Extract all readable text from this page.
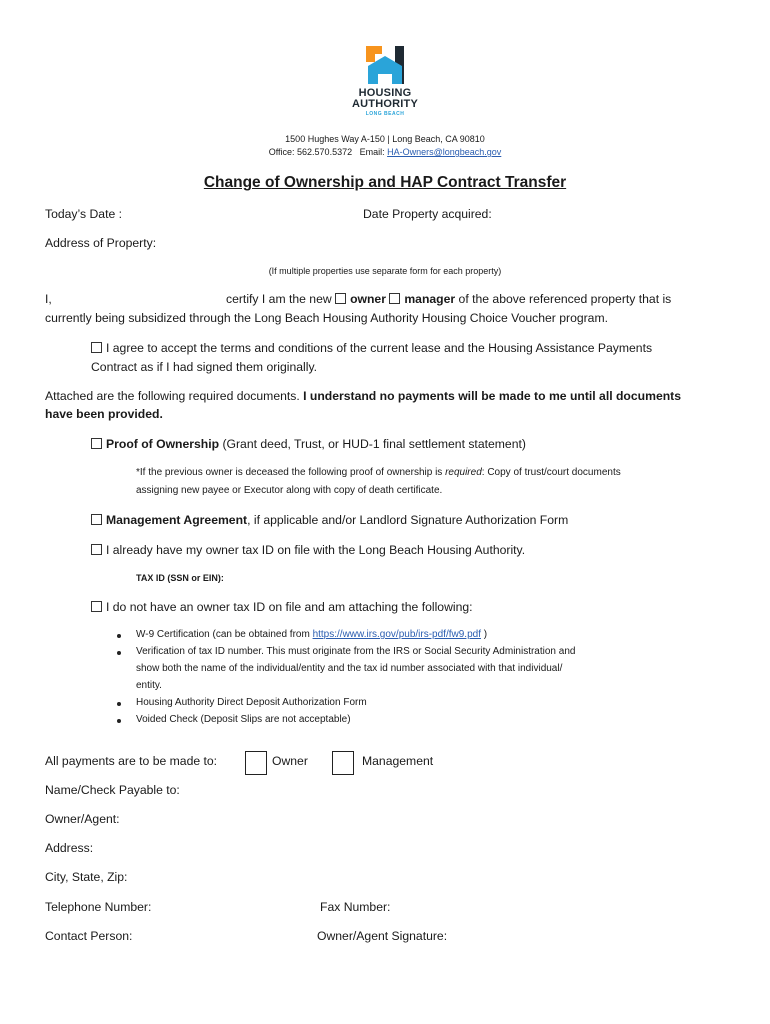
HOUSING
AUTHORITY
LONG BEACH
1500 Hughes Way A-150 | Long Beach, CA 90810
Office: 562.570.5372   Email: HA-Owners@longbeach.gov
Change of Ownership and HAP Contract Transfer
Today’s Date :	Date Property acquired:
Address of Property:
(If multiple properties use separate form for each property)
I,	certify I am the new owner manager of the above referenced property that is
currently being subsidized through the Long Beach Housing Authority Housing Choice Voucher program.
I agree to accept the terms and conditions of the current lease and the Housing Assistance Payments
Contract as if I had signed them originally.
Attached are the following required documents. I understand no payments will be made to me until all documents
have been provided.
Proof of Ownership (Grant deed, Trust, or HUD-1 final settlement statement)
*If the previous owner is deceased the following proof of ownership is required: Copy of trust/court documents
assigning new payee or Executor along with copy of death certificate.
Management Agreement, if applicable and/or Landlord Signature Authorization Form
I already have my owner tax ID on file with the Long Beach Housing Authority.
TAX ID (SSN or EIN):
I do not have an owner tax ID on file and am attaching the following:
W-9 Certification (can be obtained from https://www.irs.gov/pub/irs-pdf/fw9.pdf )
Verification of tax ID number. This must originate from the IRS or Social Security Administration and
show both the name of the individual/entity and the tax id number associated with that individual/
entity.
Housing Authority Direct Deposit Authorization Form
Voided Check (Deposit Slips are not acceptable)
All payments are to be made to:	Owner	Management
Name/Check Payable to:
Owner/Agent:
Address:
City, State, Zip:
Telephone Number:	Fax Number:
Contact Person:	Owner/Agent Signature:
